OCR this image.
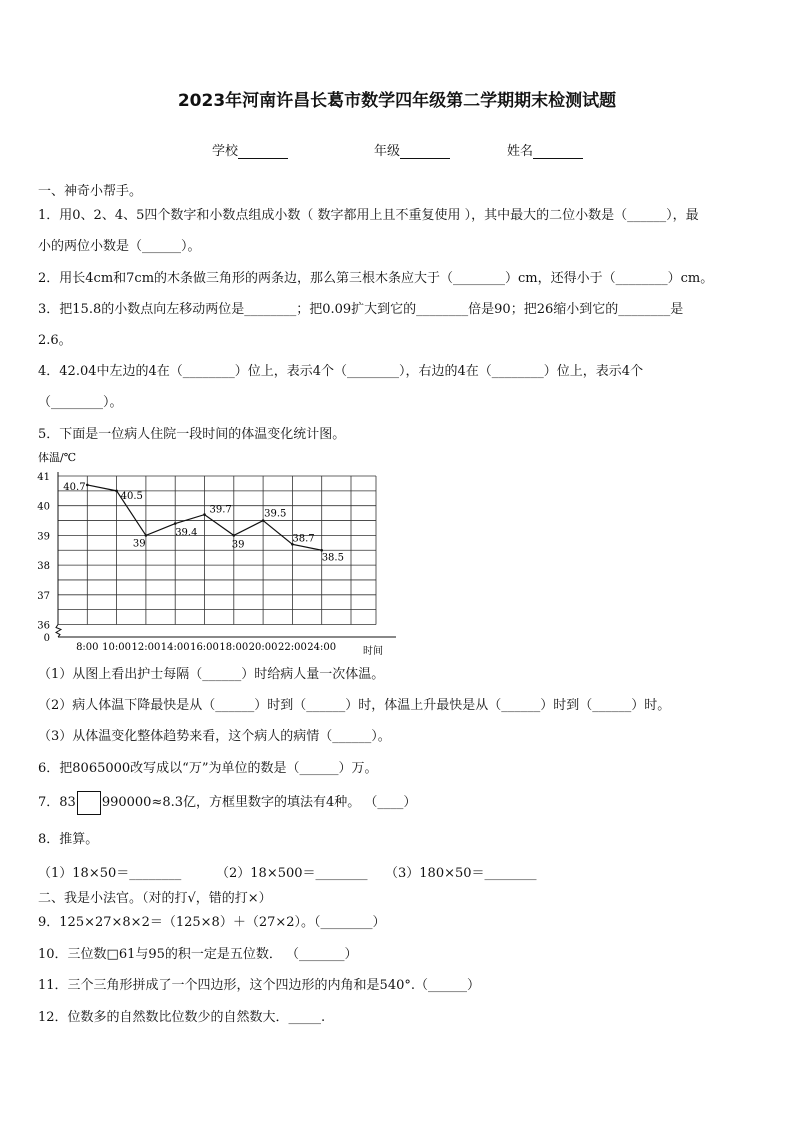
2023年河南许昌长葛市数学四年级第二学期期末检测试题
学校	年级	姓名
一、神奇小帮手。
1．用0、2、4、5四个数字和小数点组成小数（ 数字都用上且不重复使用 ），其中最大的二位小数是（______），最
小的两位小数是（______）。
2．用长4cm和7cm的木条做三角形的两条边，那么第三根木条应大于（________）cm，还得小于（________）cm。
3．把15.8的小数点向左移动两位是________；把0.09扩大到它的________倍是90；把26缩小到它的________是
2.6。
4．42.04中左边的4在（________）位上，表示4个（________），右边的4在（________）位上，表示4个
（________）。
5．下面是一位病人住院一段时间的体温变化统计图。
体温/℃
时间
0
36
37
38
39
40
41
8:00 10:00 12:00 14:00 16:00 18:00 20:00 22:00 24:00
40.7
40.5
39
39.4
39.7
39
39.5
38.7
38.5
（1）从图上看出护士每隔（______）时给病人量一次体温。
（2）病人体温下降最快是从（______）时到（______）时，体温上升最快是从（______）时到（______）时。
（3）从体温变化整体趋势来看，这个病人的病情（______）。
6．把8065000改写成以“万”为单位的数是（______）万。
7．83 990000≈8.3亿，方框里数字的填法有4种。 （____）
8．推算。
（1）18×50＝________	（2）18×500＝________ （3）180×50＝________
二、我是小法官。（对的打√，错的打×）
9．125×27×8×2＝（125×8）＋（27×2）。（________）
10．三位数□61与95的积一定是五位数． （_______）
11．三个三角形拼成了一个四边形，这个四边形的内角和是540°.（______）
12．位数多的自然数比位数少的自然数大．_____.
